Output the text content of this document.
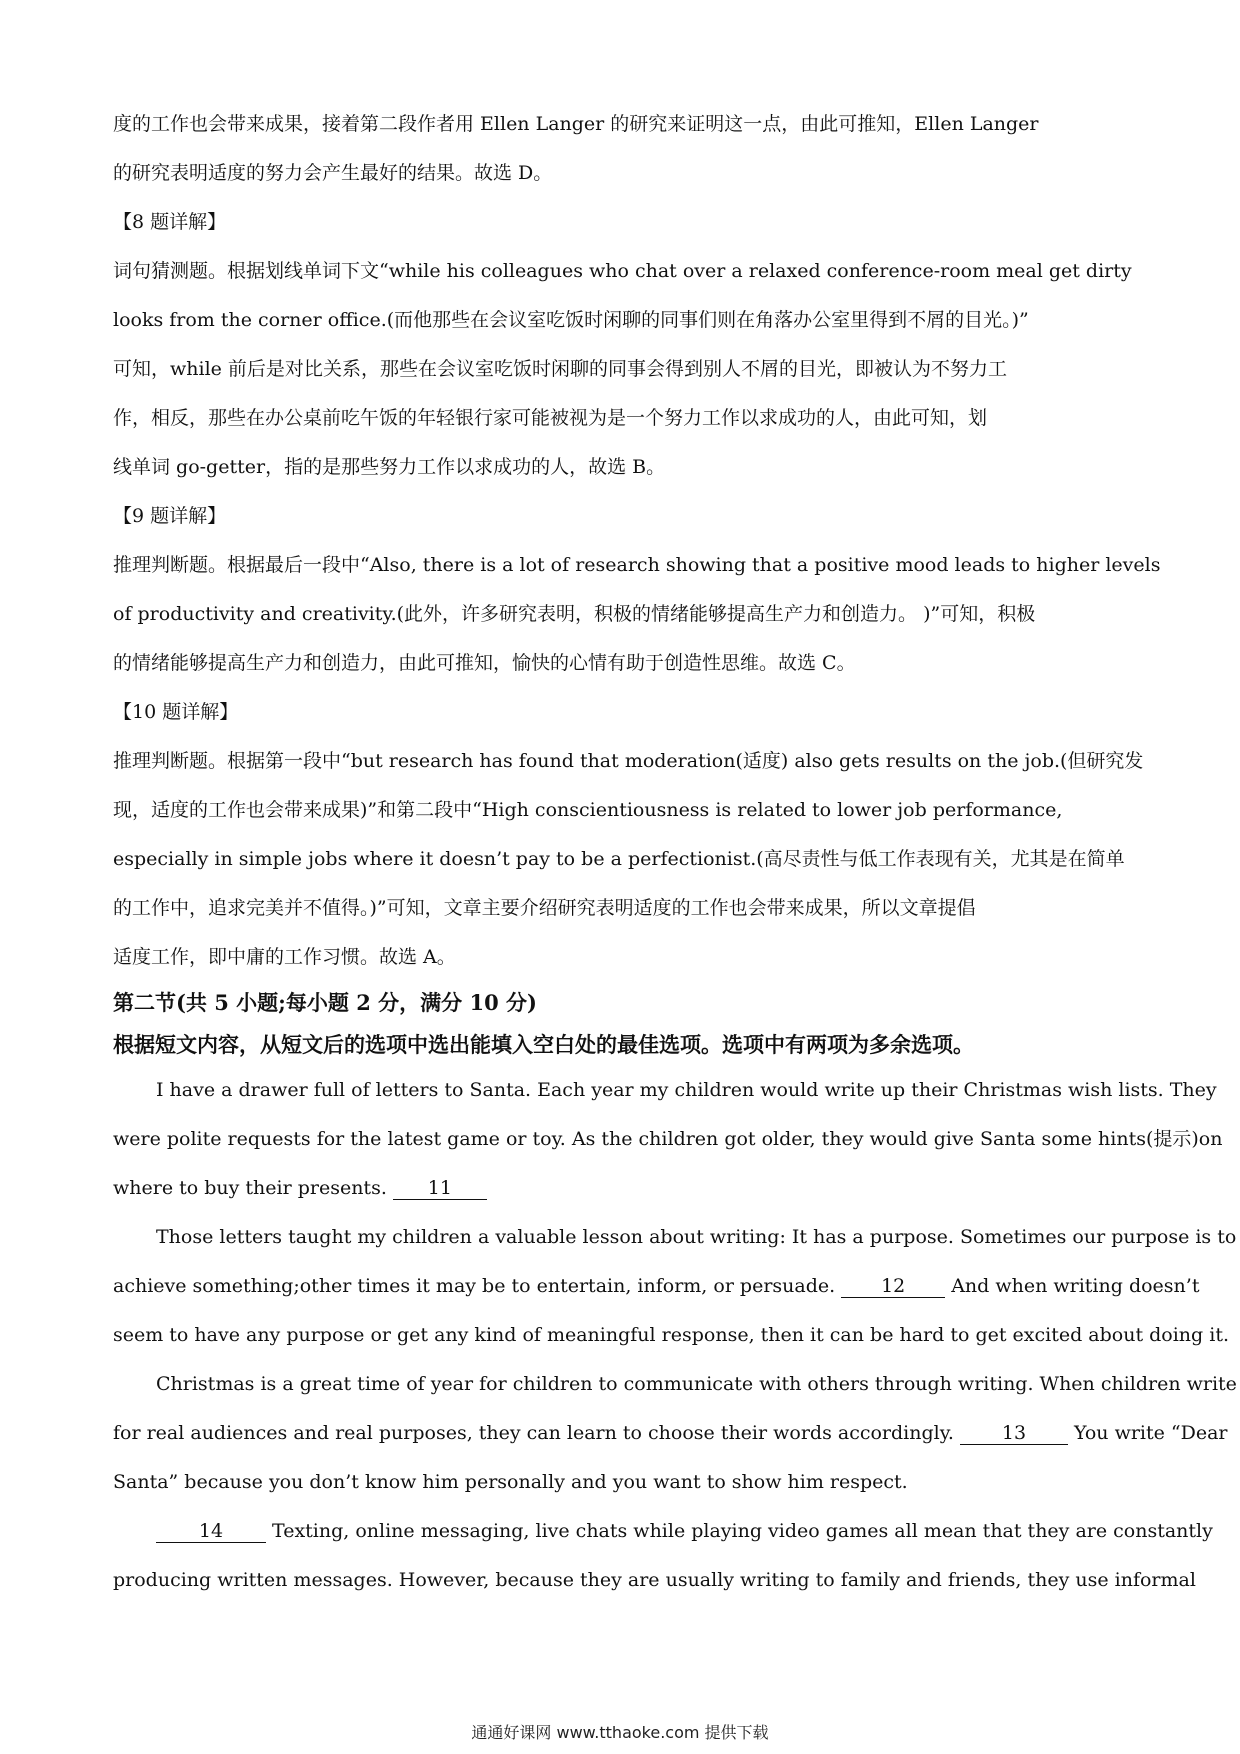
度的工作也会带来成果，接着第二段作者用 Ellen Langer 的研究来证明这一点，由此可推知，Ellen Langer

的研究表明适度的努力会产生最好的结果。故选 D。

【8 题详解】

词句猜测题。根据划线单词下文“while his colleagues who chat over a relaxed conference-room meal get dirty

looks from the corner office.(而他那些在会议室吃饭时闲聊的同事们则在角落办公室里得到不屑的目光。)”

可知，while 前后是对比关系，那些在会议室吃饭时闲聊的同事会得到别人不屑的目光，即被认为不努力工

作，相反，那些在办公桌前吃午饭的年轻银行家可能被视为是一个努力工作以求成功的人，由此可知，划

线单词 go-getter，指的是那些努力工作以求成功的人，故选 B。

【9 题详解】

推理判断题。根据最后一段中“Also, there is a lot of research showing that a positive mood leads to higher levels

of productivity and creativity.(此外，许多研究表明，积极的情绪能够提高生产力和创造力。 )”可知，积极

的情绪能够提高生产力和创造力，由此可推知，愉快的心情有助于创造性思维。故选 C。

【10 题详解】

推理判断题。根据第一段中“but research has found that moderation(适度) also gets results on the job.(但研究发

现，适度的工作也会带来成果)”和第二段中“High conscientiousness is related to lower job performance,

especially in simple jobs where it doesn’t pay to be a perfectionist.(高尽责性与低工作表现有关，尤其是在简单

的工作中，追求完美并不值得。)”可知，文章主要介绍研究表明适度的工作也会带来成果，所以文章提倡

适度工作，即中庸的工作习惯。故选 A。

第二节(共 5 小题;每小题 2 分，满分 10 分)

根据短文内容，从短文后的选项中选出能填入空白处的最佳选项。选项中有两项为多余选项。

I have a drawer full of letters to Santa. Each year my children would write up their Christmas wish lists. They

were polite requests for the latest game or toy. As the children got older, they would give Santa some hints(提示)on

where to buy their presents. 11

Those letters taught my children a valuable lesson about writing: It has a purpose. Sometimes our purpose is to

achieve something;other times it may be to entertain, inform, or persuade. 12 And when writing doesn’t

seem to have any purpose or get any kind of meaningful response, then it can be hard to get excited about doing it.

Christmas is a great time of year for children to communicate with others through writing. When children write

for real audiences and real purposes, they can learn to choose their words accordingly.	13	You write “Dear

Santa” because you don’t know him personally and you want to show him respect.

14	Texting, online messaging, live chats while playing video games all mean that they are constantly

producing written messages. However, because they are usually writing to family and friends, they use informal

通通好课网 www.tthaoke.com 提供下载
